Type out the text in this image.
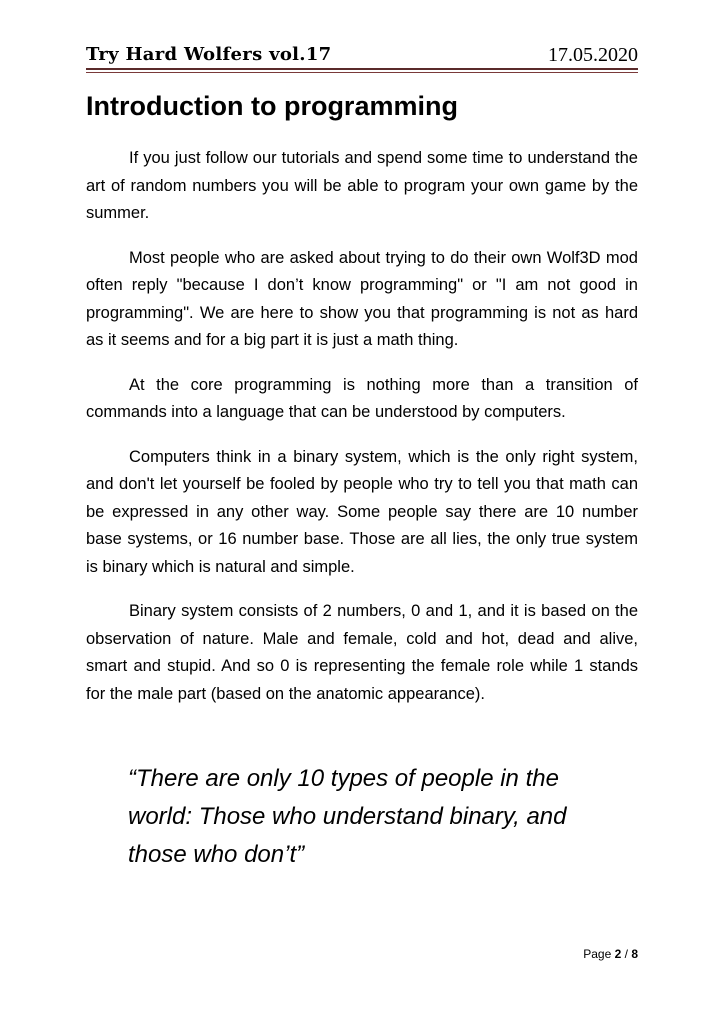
Try Hard Wolfers vol.17	17.05.2020
Introduction to programming

If you just follow our tutorials and spend some time to understand the art of random numbers you will be able to program your own game by the summer.

Most people who are asked about trying to do their own Wolf3D mod often reply "because I don’t know programming" or "I am not good in programming". We are here to show you that programming is not as hard as it seems and for a big part it is just a math thing.

At the core programming is nothing more than a transition of commands into a language that can be understood by computers.

Computers think in a binary system, which is the only right system, and don't let yourself be fooled by people who try to tell you that math can be expressed in any other way. Some people say there are 10 number base systems, or 16 number base. Those are all lies, the only true system is binary which is natural and simple.

Binary system consists of 2 numbers, 0 and 1, and it is based on the observation of nature. Male and female, cold and hot, dead and alive, smart and stupid. And so 0 is representing the female role while 1 stands for the male part (based on the anatomic appearance).

“There are only 10 types of people in the world: Those who understand binary, and those who don’t”
Page 2 / 8
